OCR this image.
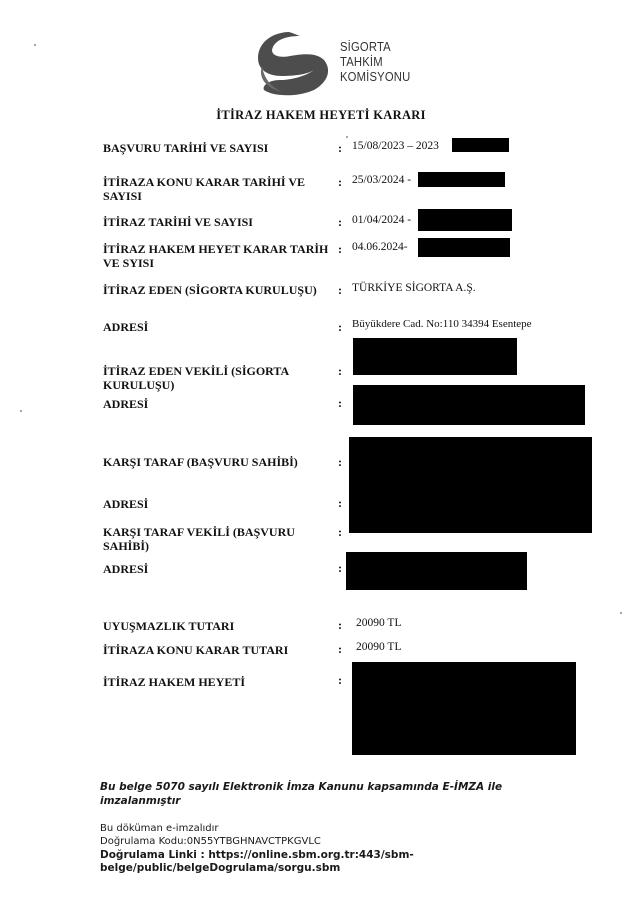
SİGORTA
TAHKİM
KOMİSYONU
İTİRAZ HAKEM HEYETİ KARARI
BAŞVURU TARİHİ VE SAYISI	: 15/08/2023 – 2023
İTİRAZA KONU KARAR TARİHİ VE SAYISI
: 25/03/2024 -
İTİRAZ TARİHİ VE SAYISI	: 01/04/2024 -
İTİRAZ HAKEM HEYET KARAR TARİH VE SYISI
: 04.06.2024-
İTİRAZ EDEN (SİGORTA KURULUŞU)	: TÜRKİYE SİGORTA A.Ş.
ADRESİ	: Büyükdere Cad. No:110 34394 Esentepe
İTİRAZ EDEN VEKİLİ (SİGORTA KURULUŞU)
:
ADRESİ	:
KARŞI TARAF (BAŞVURU SAHİBİ)	:
ADRESİ	:
KARŞI TARAF VEKİLİ (BAŞVURU SAHİBİ)
:
ADRESİ	:
UYUŞMAZLIK TUTARI	: 20090 TL
İTİRAZA KONU KARAR TUTARI	: 20090 TL
İTİRAZ HAKEM HEYETİ	:
Bu belge 5070 sayılı Elektronik İmza Kanunu kapsamında E-İMZA ile imzalanmıştır
Bu döküman e-imzalıdır
Doğrulama Kodu:0N55YTBGHNAVCTPKGVLC
Doğrulama Linki : https://online.sbm.org.tr:443/sbm-belge/public/belgeDogrulama/sorgu.sbm
